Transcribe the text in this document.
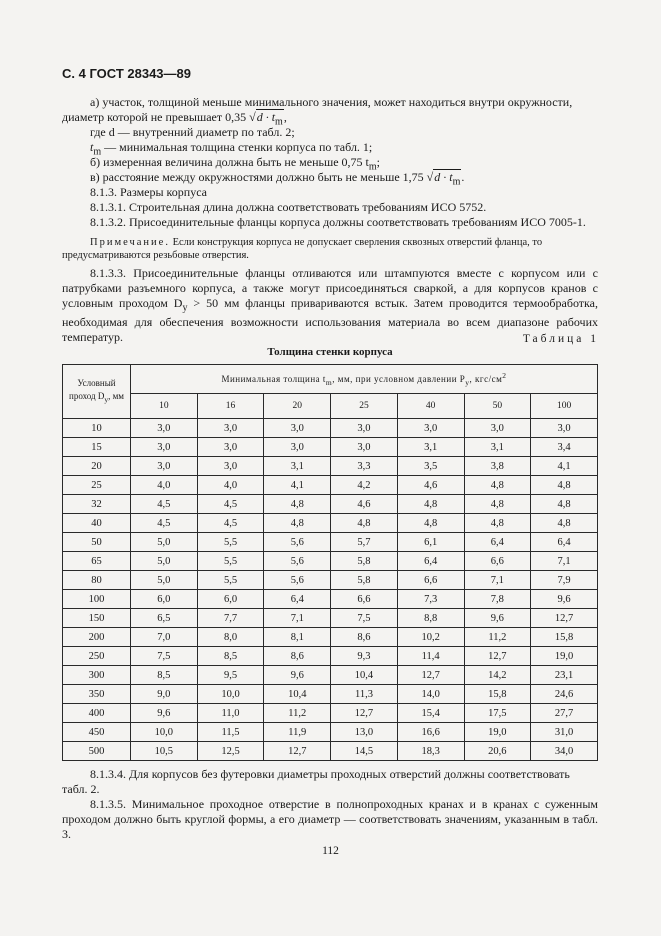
С. 4 ГОСТ 28343—89
а) участок, толщиной меньше минимального значения, может находиться внутри окружности,
диаметр которой не превышает 0,35 $√d \cdot t_m$,
где d — внутренний диаметр по табл. 2;
$t_m$ — минимальная толщина стенки корпуса по табл. 1;
б) измеренная величина должна быть не меньше 0,75 $t_m$;
в) расстояние между окружностями должно быть не меньше 1,75 $√d \cdot t_m$.
8.1.3. Размеры корпуса
8.1.3.1. Строительная длина должна соответствовать требованиям ИСО 5752.
8.1.3.2. Присоединительные фланцы корпуса должны соответствовать требованиям ИСО 7005-1.
Примечание. Если конструкция корпуса не допускает сверления сквозных отверстий фланца, то предусматриваются резьбовые отверстия.
8.1.3.3. Присоединительные фланцы отливаются или штампуются вместе с корпусом или с патрубками разъемного корпуса, а также могут присоединяться сваркой, а для корпусов кранов с условным проходом $D_y > 50$ мм фланцы привариваются встык. Затем проводится термообработка, необходимая для обеспечения возможности использования материала во всем диапазоне рабочих температур.	Таблица 1
Толщина стенки корпуса
Условный
проход $D_y$, мм	Минимальная толщина $t_m$, мм, при условном давлении $P_y$, кгс/$см^2$
	10	16	20	25	40	50	100
10	3,0	3,0	3,0	3,0	3,0	3,0	3,0
15	3,0	3,0	3,0	3,0	3,1	3,1	3,4
20	3,0	3,0	3,1	3,3	3,5	3,8	4,1
25	4,0	4,0	4,1	4,2	4,6	4,8	4,8
32	4,5	4,5	4,8	4,6	4,8	4,8	4,8
40	4,5	4,5	4,8	4,8	4,8	4,8	4,8
50	5,0	5,5	5,6	5,7	6,1	6,4	6,4
65	5,0	5,5	5,6	5,8	6,4	6,6	7,1
80	5,0	5,5	5,6	5,8	6,6	7,1	7,9
100	6,0	6,0	6,4	6,6	7,3	7,8	9,6
150	6,5	7,7	7,1	7,5	8,8	9,6	12,7
200	7,0	8,0	8,1	8,6	10,2	11,2	15,8
250	7,5	8,5	8,6	9,3	11,4	12,7	19,0
300	8,5	9,5	9,6	10,4	12,7	14,2	23,1
350	9,0	10,0	10,4	11,3	14,0	15,8	24,6
400	9,6	11,0	11,2	12,7	15,4	17,5	27,7
450	10,0	11,5	11,9	13,0	16,6	19,0	31,0
500	10,5	12,5	12,7	14,5	18,3	20,6	34,0
8.1.3.4. Для корпусов без футеровки диаметры проходных отверстий должны соответствовать табл. 2.
8.1.3.5. Минимальное проходное отверстие в полнопроходных кранах и в кранах с суженным проходом должно быть круглой формы, а его диаметр — соответствовать значениям, указанным в табл. 3.
112
